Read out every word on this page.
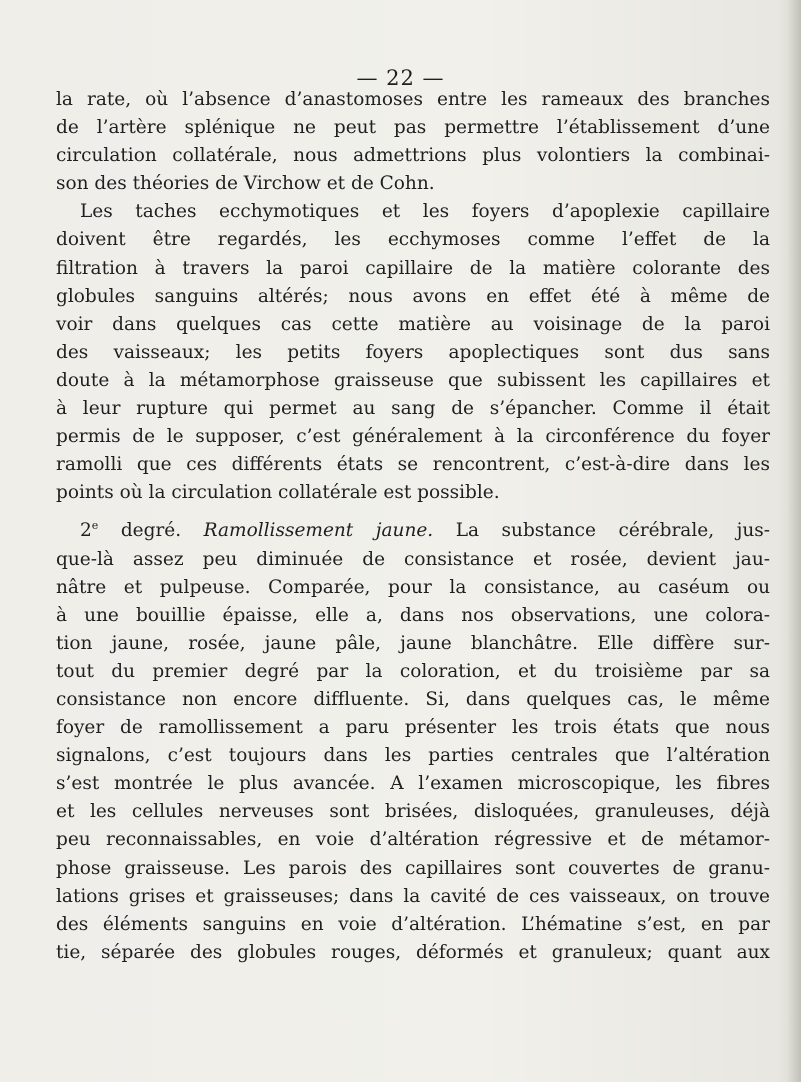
— 22 —
la rate, où l’absence d’anastomoses entre les rameaux des branches
de l’artère splénique ne peut pas permettre l’établissement d’une
circulation collatérale, nous admettrions plus volontiers la combinai-
son des théories de Virchow et de Cohn.
Les taches ecchymotiques et les foyers d’apoplexie capillaire
doivent être regardés, les ecchymoses comme l’effet de la
filtration à travers la paroi capillaire de la matière colorante des
globules sanguins altérés; nous avons en effet été à même de
voir dans quelques cas cette matière au voisinage de la paroi
des vaisseaux; les petits foyers apoplectiques sont dus sans
doute à la métamorphose graisseuse que subissent les capillaires et
à leur rupture qui permet au sang de s’épancher. Comme il était
permis de le supposer, c’est généralement à la circonférence du foyer
ramolli que ces différents états se rencontrent, c’est-à-dire dans les
points où la circulation collatérale est possible.
2e degré. Ramollissement jaune. La substance cérébrale, jus-
que-là assez peu diminuée de consistance et rosée, devient jau-
nâtre et pulpeuse. Comparée, pour la consistance, au caséum ou
à une bouillie épaisse, elle a, dans nos observations, une colora-
tion jaune, rosée, jaune pâle, jaune blanchâtre. Elle diffère sur-
tout du premier degré par la coloration, et du troisième par sa
consistance non encore diffluente. Si, dans quelques cas, le même
foyer de ramollissement a paru présenter les trois états que nous
signalons, c’est toujours dans les parties centrales que l’altération
s’est montrée le plus avancée. A l’examen microscopique, les fibres
et les cellules nerveuses sont brisées, disloquées, granuleuses, déjà
peu reconnaissables, en voie d’altération régressive et de métamor-
phose graisseuse. Les parois des capillaires sont couvertes de granu-
lations grises et graisseuses; dans la cavité de ces vaisseaux, on trouve
des éléments sanguins en voie d’altération. L’hématine s’est, en par
tie, séparée des globules rouges, déformés et granuleux; quant aux
